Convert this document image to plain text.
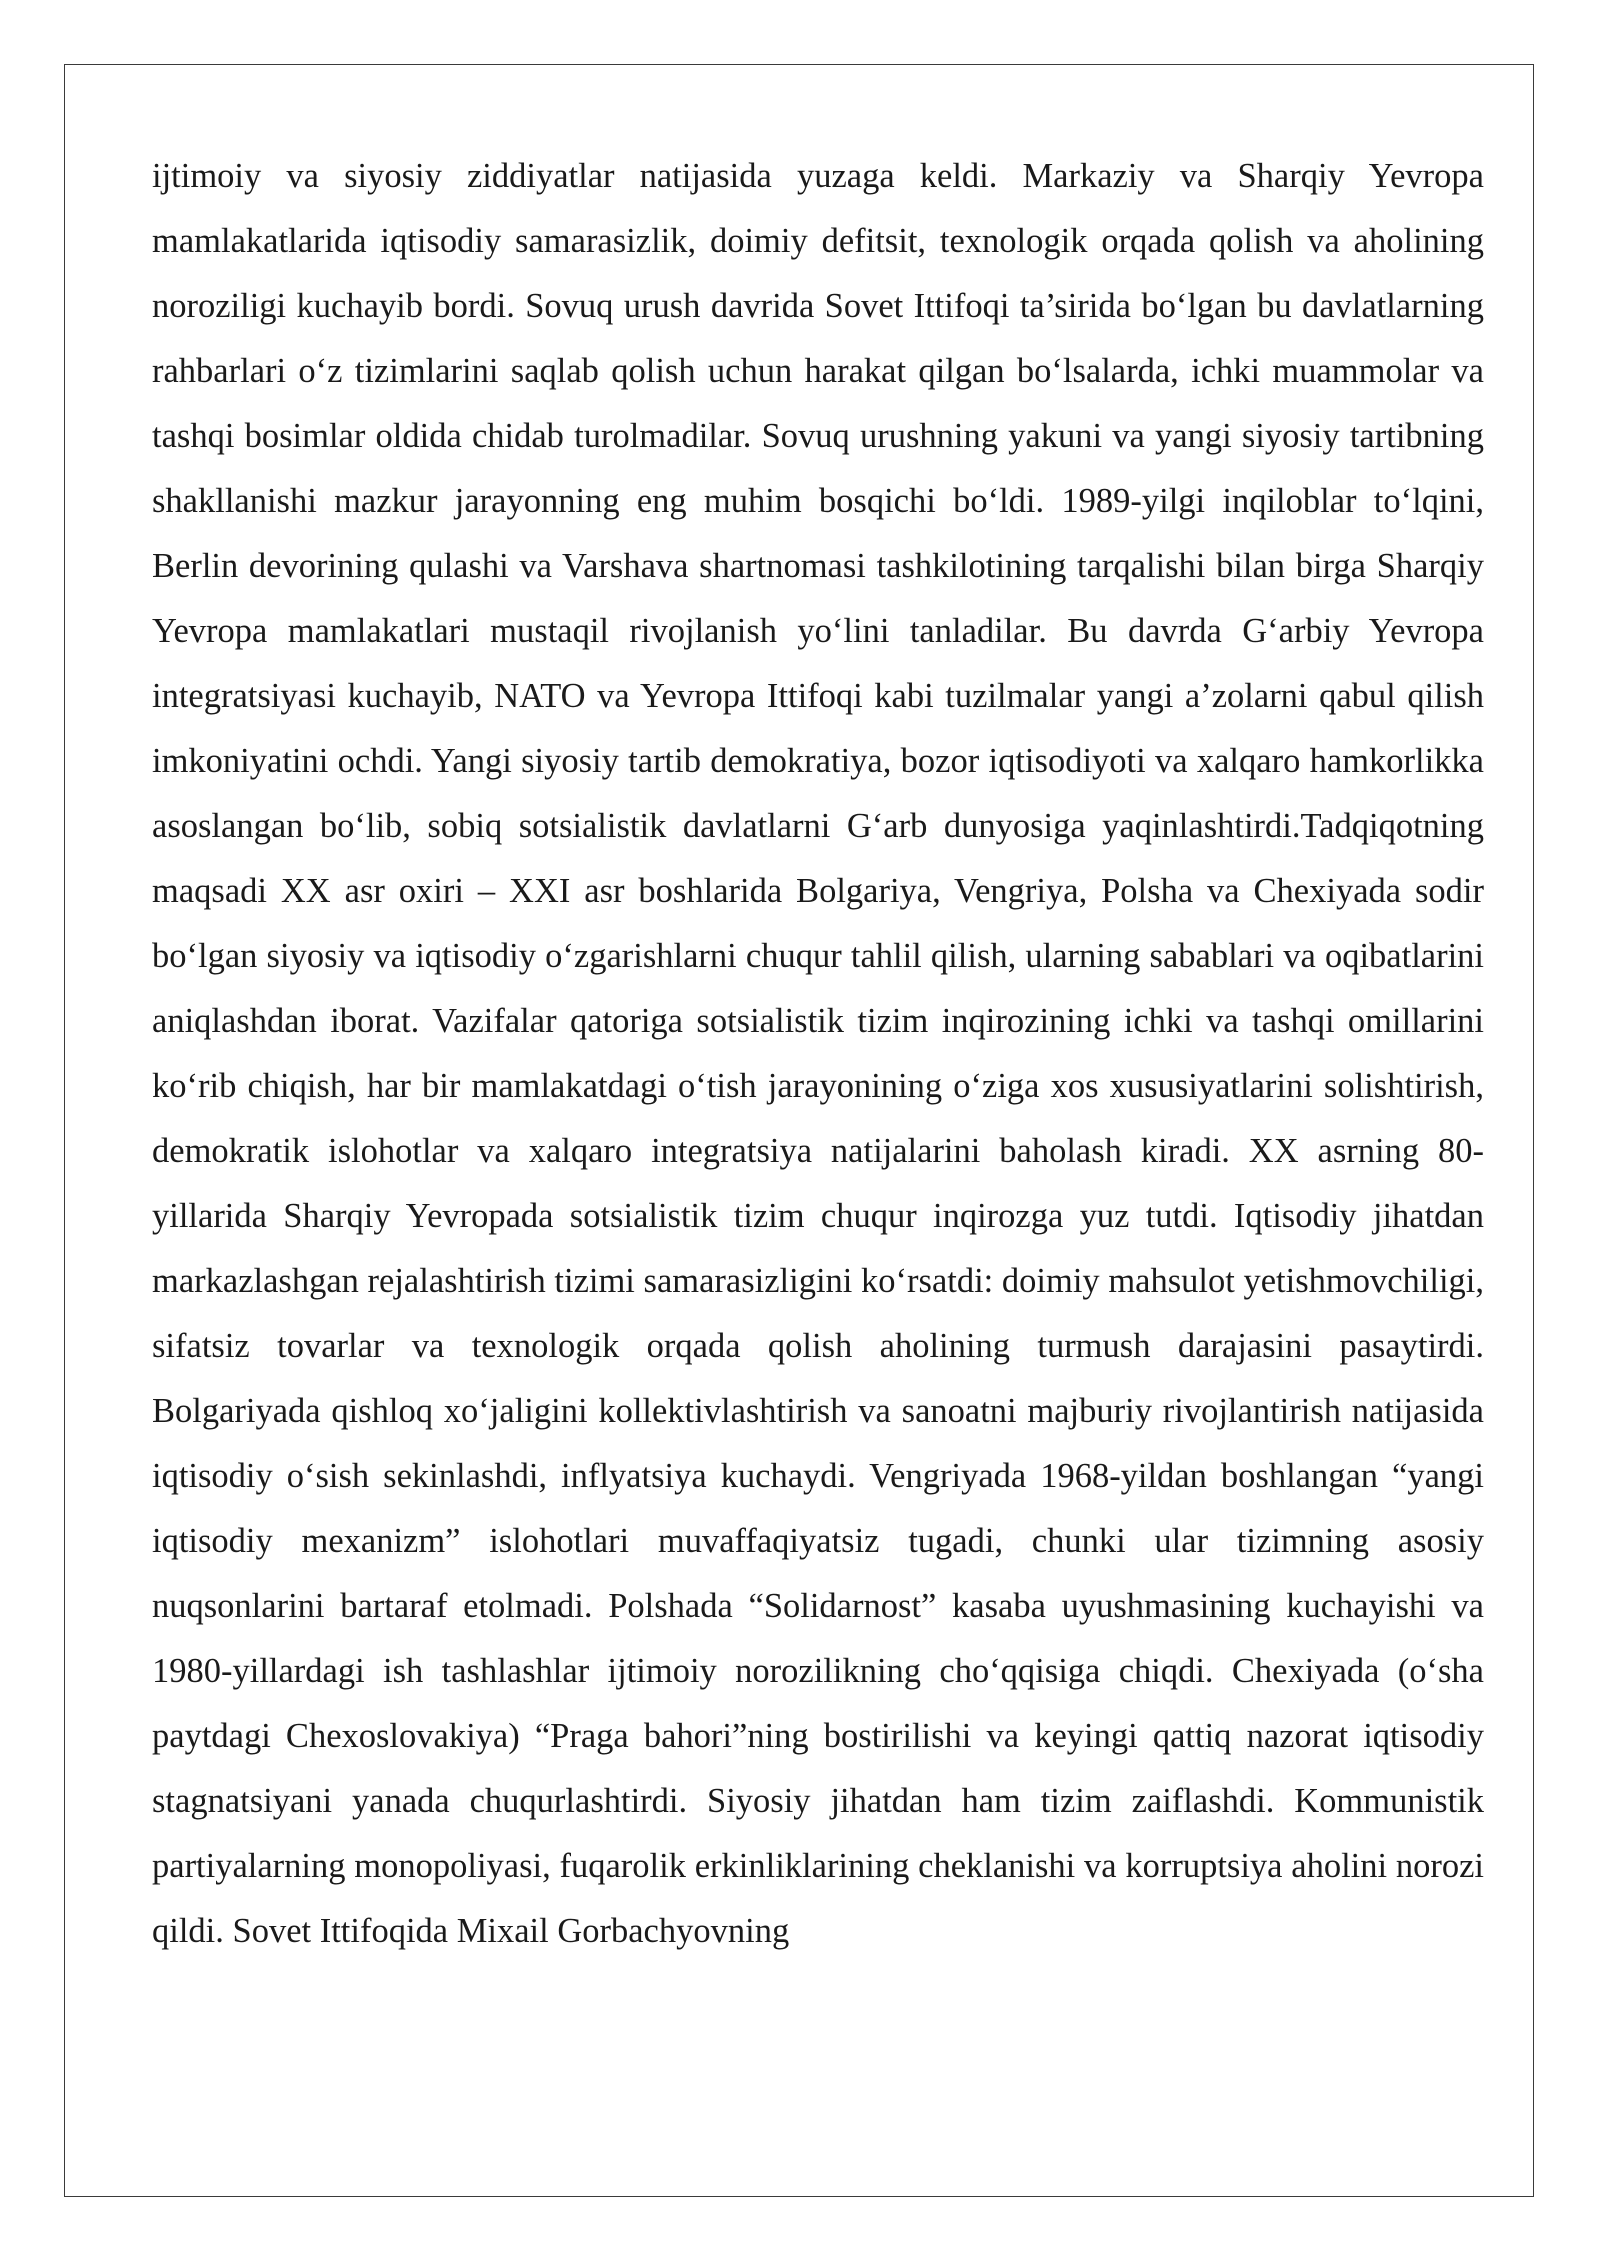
ijtimoiy va siyosiy ziddiyatlar natijasida yuzaga keldi. Markaziy va Sharqiy Yevropa mamlakatlarida iqtisodiy samarasizlik, doimiy defitsit, texnologik orqada qolish va aholining noroziligi kuchayib bordi. Sovuq urush davrida Sovet Ittifoqi ta’sirida bo‘lgan bu davlatlarning rahbarlari o‘z tizimlarini saqlab qolish uchun harakat qilgan bo‘lsalarda, ichki muammolar va tashqi bosimlar oldida chidab turolmadilar. Sovuq urushning yakuni va yangi siyosiy tartibning shakllanishi mazkur jarayonning eng muhim bosqichi bo‘ldi. 1989-yilgi inqiloblar to‘lqini, Berlin devorining qulashi va Varshava shartnomasi tashkilotining tarqalishi bilan birga Sharqiy Yevropa mamlakatlari mustaqil rivojlanish yo‘lini tanladilar. Bu davrda G‘arbiy Yevropa integratsiyasi kuchayib, NATO va Yevropa Ittifoqi kabi tuzilmalar yangi a’zolarni qabul qilish imkoniyatini ochdi. Yangi siyosiy tartib demokratiya, bozor iqtisodiyoti va xalqaro hamkorlikka asoslangan bo‘lib, sobiq sotsialistik davlatlarni G‘arb dunyosiga yaqinlashtirdi.Tadqiqotning maqsadi XX asr oxiri – XXI asr boshlarida Bolgariya, Vengriya, Polsha va Chexiyada sodir bo‘lgan siyosiy va iqtisodiy o‘zgarishlarni chuqur tahlil qilish, ularning sabablari va oqibatlarini aniqlashdan iborat. Vazifalar qatoriga sotsialistik tizim inqirozining ichki va tashqi omillarini ko‘rib chiqish, har bir mamlakatdagi o‘tish jarayonining o‘ziga xos xususiyatlarini solishtirish, demokratik islohotlar va xalqaro integratsiya natijalarini baholash kiradi. XX asrning 80-yillarida Sharqiy Yevropada sotsialistik tizim chuqur inqirozga yuz tutdi. Iqtisodiy jihatdan markazlashgan rejalashtirish tizimi samarasizligini ko‘rsatdi: doimiy mahsulot yetishmovchiligi, sifatsiz tovarlar va texnologik orqada qolish aholining turmush darajasini pasaytirdi. Bolgariyada qishloq xo‘jaligini kollektivlashtirish va sanoatni majburiy rivojlantirish natijasida iqtisodiy o‘sish sekinlashdi, inflyatsiya kuchaydi. Vengriyada 1968-yildan boshlangan “yangi iqtisodiy mexanizm” islohotlari muvaffaqiyatsiz tugadi, chunki ular tizimning asosiy nuqsonlarini bartaraf etolmadi. Polshada “Solidarnost” kasaba uyushmasining kuchayishi va 1980-yillardagi ish tashlashlar ijtimoiy norozilikning cho‘qqisiga chiqdi. Chexiyada (o‘sha paytdagi Chexoslovakiya) “Praga bahori”ning bostirilishi va keyingi qattiq nazorat iqtisodiy stagnatsiyani yanada chuqurlashtirdi. Siyosiy jihatdan ham tizim zaiflashdi. Kommunistik partiyalarning monopoliyasi, fuqarolik erkinliklarining cheklanishi va korruptsiya aholini norozi qildi. Sovet Ittifoqida Mixail Gorbachyovning
